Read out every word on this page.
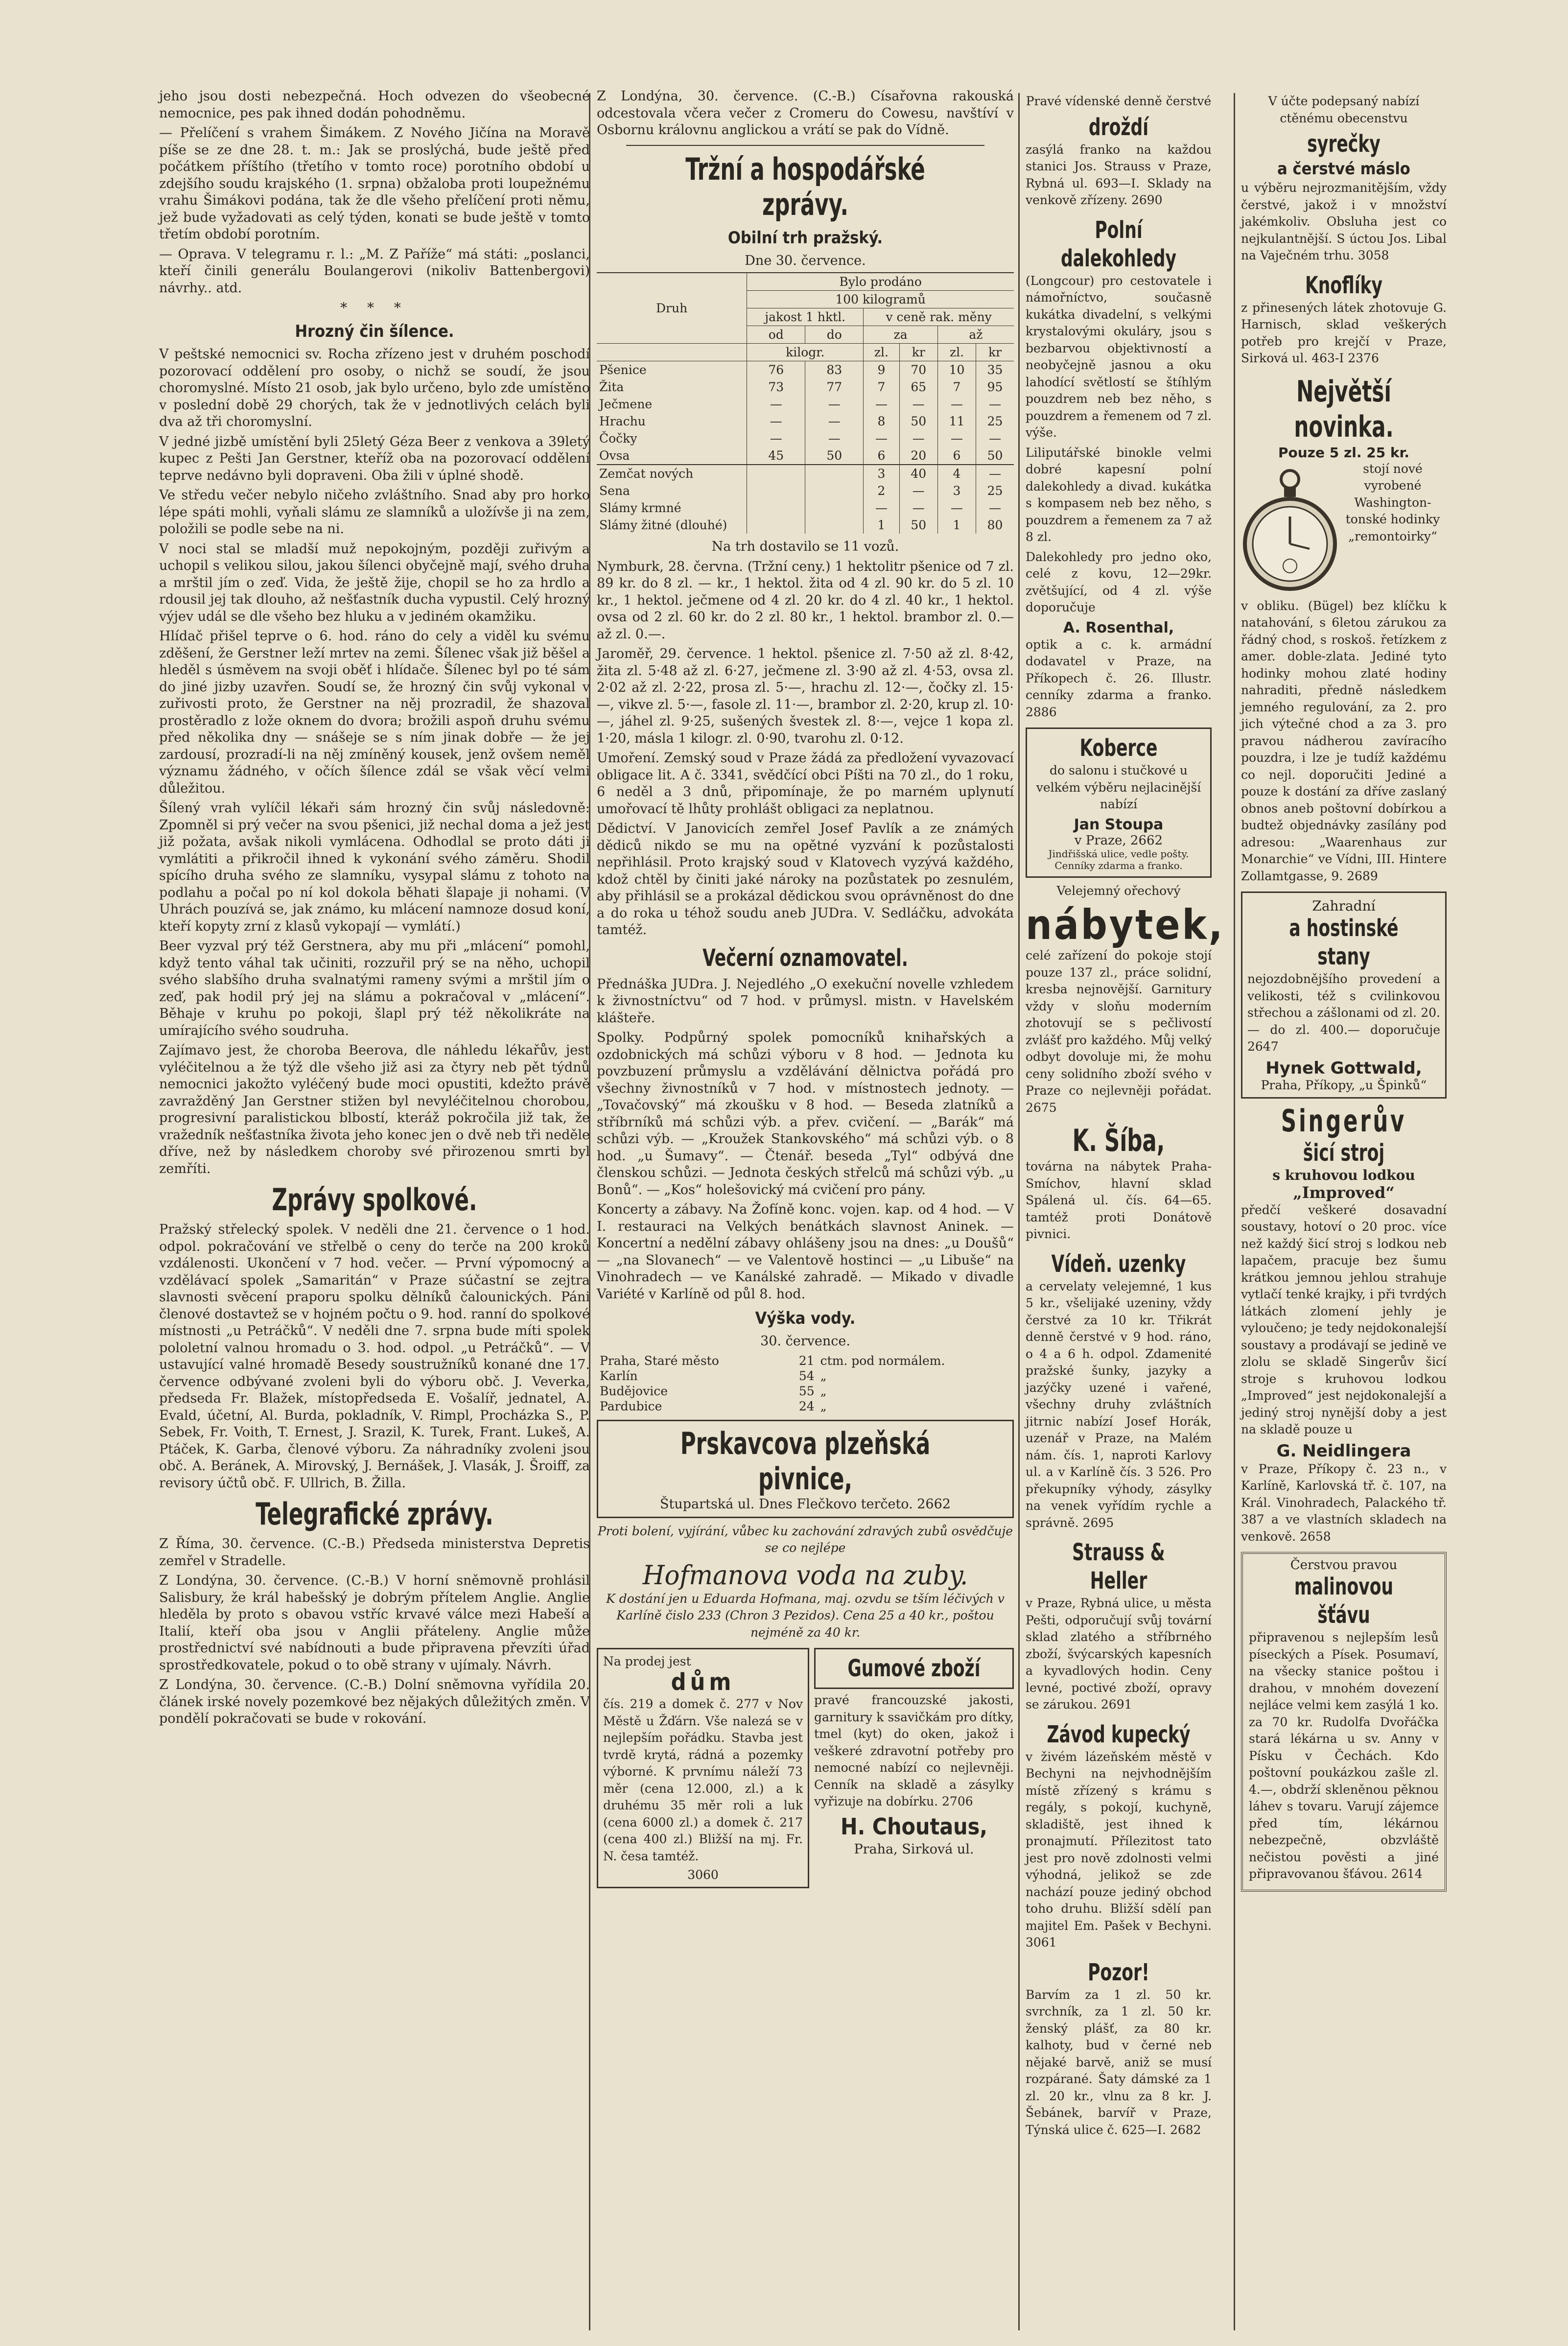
jeho jsou dosti nebezpečná. Hoch odvezen do všeobecné nemocnice, pes pak ihned dodán pohodněmu.

— Přelíčení s vrahem Šimákem. Z Nového Jičína na Moravě píše se ze dne 28. t. m.: Jak se proslýchá, bude ještě před počátkem příštího (třetího v tomto roce) porotního období u zdejšího soudu krajského (1. srpna) obžaloba proti loupežnému vrahu Šimákovi podána, tak že dle všeho přelíčení proti němu, jež bude vyžadovati as celý týden, konati se bude ještě v tomto třetím období porotním.

— Oprava. V telegramu r. l.: „M. Z Paříže“ má státi: „poslanci, kteří činili generálu Boulangerovi (nikoliv Battenbergovi) návrhy.. atd.

* * *
Hrozný čin šílence.

V peštské nemocnici sv. Rocha zřízeno jest v druhém poschodí pozorovací oddělení pro osoby, o nichž se soudí, že jsou choromyslné. Místo 21 osob, jak bylo určeno, bylo zde umístěno v poslední době 29 chorých, tak že v jednotlivých celách byli dva až tři choromyslní.

V jedné jizbě umístění byli 25letý Géza Beer z venkova a 39letý kupec z Pešti Jan Gerstner, kteříž oba na pozorovací oddělení teprve nedávno byli dopraveni. Oba žili v úplné shodě.

Ve středu večer nebylo ničeho zvláštního. Snad aby pro horko lépe spáti mohli, vyňali slámu ze slamníků a uložívše ji na zem, položili se podle sebe na ni.

V noci stal se mladší muž nepokojným, později zuřivým a uchopil s velikou silou, jakou šílenci obyčejně mají, svého druha a mrštil jím o zeď. Vida, že ještě žije, chopil se ho za hrdlo a rdousil jej tak dlouho, až nešťastník ducha vypustil. Celý hrozný výjev udál se dle všeho bez hluku a v jediném okamžiku.

Hlídač přišel teprve o 6. hod. ráno do cely a viděl ku svému zděšení, že Gerstner leží mrtev na zemi. Šílenec však již běšel a hleděl s úsměvem na svoji oběť i hlídače. Šílenec byl po té sám do jiné jizby uzavřen. Soudí se, že hrozný čin svůj vykonal v zuřivosti proto, že Gerstner na něj prozradil, že shazoval prostěradlo z lože oknem do dvora; brožili aspoň druhu svému před několika dny — snášeje se s ním jinak dobře — že jej zardousí, prozradí-li na něj zmíněný kousek, jenž ovšem neměl významu žádného, v očích šílence zdál se však věcí velmi důležitou.

Šílený vrah vylíčil lékaři sám hrozný čin svůj následovně: Zpomněl si prý večer na svou pšenici, již nechal doma a jež jest již požata, avšak nikoli vymlácena. Odhodlal se proto dáti ji vymlátiti a přikročil ihned k vykonání svého záměru. Shodil spícího druha svého ze slamníku, vysypal slámu z tohoto na podlahu a počal po ní kol dokola běhati šlapaje ji nohami. (V Uhrách pouzívá se, jak známo, ku mlácení namnoze dosud koní, kteří kopyty zrní z klasů vykopají — vymlátí.)

Beer vyzval prý též Gerstnera, aby mu při „mlácení“ pomohl, když tento váhal tak učiniti, rozzuřil prý se na něho, uchopil svého slabšího druha svalnatými rameny svými a mrštil jím o zeď, pak hodil prý jej na slámu a pokračoval v „mlácení“. Běhaje v kruhu po pokoji, šlapl prý též několikráte na umírajícího svého soudruha.

Zajímavo jest, že choroba Beerova, dle náhledu lékařův, jest vyléčitelnou a že týž dle všeho již asi za čtyry neb pět týdnů nemocnici jakožto vyléčený bude moci opustiti, kdežto právě zavražděný Jan Gerstner stižen byl nevyléčitelnou chorobou, progresivní paralistickou blbostí, kteráž pokročila již tak, že vražedník nešťastníka života jeho konec jen o dvě neb tři neděle dříve, než by následkem choroby své přirozenou smrti byl zemříti.

Zprávy spolkové.

Pražský střelecký spolek. V neděli dne 21. července o 1 hod. odpol. pokračování ve střelbě o ceny do terče na 200 kroků vzdálenosti. Ukončení v 7 hod. večer. — První výpomocný a vzdělávací spolek „Samaritán“ v Praze súčastní se zejtra slavnosti svěcení praporu spolku dělníků čalounických. Páni členové dostavtež se v hojném počtu o 9. hod. ranní do spolkové místnosti „u Petráčků“. V neděli dne 7. srpna bude míti spolek pololetní valnou hromadu o 3. hod. odpol. „u Petráčků“. — V ustavující valné hromadě Besedy soustružníků konané dne 17. července odbývané zvoleni byli do výboru obč. J. Veverka, předseda Fr. Blažek, místopředseda E. Vošalíř, jednatel, A. Evald, účetní, Al. Burda, pokladník, V. Rimpl, Procházka S., P. Sebek, Fr. Voith, T. Ernest, J. Srazil, K. Turek, Frant. Lukeš, A. Ptáček, K. Garba, členové výboru. Za náhradníky zvoleni jsou obč. A. Beránek, A. Mirovský, J. Bernášek, J. Vlasák, J. Šroiff, za revisory účtů obč. F. Ullrich, B. Žilla.

Telegrafické zprávy.

Z Říma, 30. července. (C.-B.) Předseda ministerstva Depretis zemřel v Stradelle.

Z Londýna, 30. července. (C.-B.) V horní sněmovně prohlásil Salisbury, že král habešský je dobrým přítelem Anglie. Anglie hleděla by proto s obavou vstříc krvavé válce mezi Habeší a Italií, kteří oba jsou v Anglii přáteleny. Anglie může prostřednictví své nabídnouti a bude připravena převzíti úřad sprostředkovatele, pokud o to obě strany v ujímaly. Návrh.

Z Londýna, 30. července. (C.-B.) Dolní sněmovna vyřídila 20. článek irské novely pozemkové bez nějakých důležitých změn. V pondělí pokračovati se bude v rokování.

Z Londýna, 30. července. (C.-B.) Císařovna rakouská odcestovala včera večer z Cromeru do Cowesu, navštíví v Osbornu královnu anglickou a vrátí se pak do Vídně.

Tržní a hospodářské zprávy.
Obilní trh pražský.

Dne 30. července.

Druh	Bylo prodáno					
	100 kilogramů					
	jakost 1 hktl.		v ceně rak. měny			
	od	do	za		až	
	kilogr.		zl.	kr	zl.	kr
Pšenice	76	83	9	70	10	35
Žita	73	77	7	65	7	95
Ječmene	—	—	—	—	—	—
Hrachu	—	—	8	50	11	25
Čočky	—	—	—	—	—	—
Ovsa	45	50	6	20	6	50
Zemčat nových			3	40	4	—
Sena			2	—	3	25
Slámy krmné			—	—	—	—
Slámy žitné (dlouhé)			1	50	1	80

Na trh dostavilo se 11 vozů.

Nymburk, 28. června. (Tržní ceny.) 1 hektolitr pšenice od 7 zl. 89 kr. do 8 zl. — kr., 1 hektol. žita od 4 zl. 90 kr. do 5 zl. 10 kr., 1 hektol. ječmene od 4 zl. 20 kr. do 4 zl. 40 kr., 1 hektol. ovsa od 2 zl. 60 kr. do 2 zl. 80 kr., 1 hektol. brambor zl. 0.— až zl. 0.—.

Jaroměř, 29. července. 1 hektol. pšenice zl. 7·50 až zl. 8·42, žita zl. 5·48 až zl. 6·27, ječmene zl. 3·90 až zl. 4·53, ovsa zl. 2·02 až zl. 2·22, prosa zl. 5·—, hrachu zl. 12·—, čočky zl. 15·—, vikve zl. 5·—, fasole zl. 11·—, brambor zl. 2·20, krup zl. 10·—, jáhel zl. 9·25, sušených švestek zl. 8·—, vejce 1 kopa zl. 1·20, másla 1 kilogr. zl. 0·90, tvarohu zl. 0·12.

Umoření. Zemský soud v Praze žádá za předložení vyvazovací obligace lit. A č. 3341, svědčící obci Píšti na 70 zl., do 1 roku, 6 neděl a 3 dnů, připomínaje, že po marném uplynutí umořovací tě lhůty prohlášt obligaci za neplatnou.

Dědictví. V Janovicích zemřel Josef Pavlík a ze známých dědiců nikdo se mu na opětné vyzvání k pozůstalosti nepřihlásil. Proto krajský soud v Klatovech vyzývá každého, kdož chtěl by činiti jaké nároky na pozůstatek po zesnulém, aby přihlásil se a prokázal dědickou svou oprávněnost do dne a do roka u téhož soudu aneb JUDra. V. Sedláčku, advokáta tamtéž.

Večerní oznamovatel.

Přednáška JUDra. J. Nejedlého „O exekuční novelle vzhledem k živnostníctvu“ od 7 hod. v průmysl. mistn. v Havelském klášteře.

Spolky. Podpůrný spolek pomocníků knihařských a ozdobnických má schůzi výboru v 8 hod. — Jednota ku povzbuzení průmyslu a vzdělávání dělnictva pořádá pro všechny živnostníků v 7 hod. v místnostech jednoty. — „Tovačovský“ má zkoušku v 8 hod. — Beseda zlatníků a stříbrníků má schůzi výb. a přev. cvičení. — „Barák“ má schůzi výb. — „Kroužek Stankovského“ má schůzi výb. o 8 hod. „u Šumavy“. — Čtenář. beseda „Tyl“ odbývá dne členskou schůzi. — Jednota českých střelců má schůzi výb. „u Bonů“. — „Kos“ holešovický má cvičení pro pány.

Koncerty a zábavy. Na Žofíně konc. vojen. kap. od 4 hod. — V I. restauraci na Velkých benátkách slavnost Aninek. — Koncertní a nedělní zábavy ohlášeny jsou na dnes: „u Doušů“ — „na Slovanech“ — ve Valentově hostinci — „u Libuše“ na Vinohradech — ve Kanálské zahradě. — Mikado v divadle Variété v Karlíně od půl 8. hod.

Výška vody.

30. července.

Praha, Staré město	21	ctm. pod normálem.
Karlín	54	„
Budějovice	55	„
Pardubice	24	„
Prskavcova plzeňská pivnice,
Štupartská ul. Dnes Flečkovo terčeto. 2662

Proti bolení, vyjírání, vůbec ku zachování zdravých zubů osvědčuje se co nejlépe

Hofmanova voda na zuby.

K dostání jen u Eduarda Hofmana, maj. ozvdu se tším léčivých v Karlíně čislo 233 (Chron 3 Pezidos). Cena 25 a 40 kr., poštou nejméně za 40 kr.

Na prodej jest
dům

čís. 219 a domek č. 277 v Nov Městě u Žďárn. Vše nalezá se v nejlepším pořádku. Stavba jest tvrdě krytá, rádná a pozemky výborné. K prvnímu náleží 73 měr (cena 12.000, zl.) a k druhému 35 měr roli a luk (cena 6000 zl.) a domek č. 217 (cena 400 zl.) Bližší na mj. Fr. N. česa tamtéž.

3060
Gumové zboží

pravé francouzské jakosti, garnitury k ssavičkám pro dítky, tmel (kyt) do oken, jakož i veškeré zdravotní potřeby pro nemocné nabízí co nejlevněji. Cenník na skladě a zásylky vyřizuje na dobírku. 2706

H. Choutaus,
Praha, Sirková ul.

Pravé vídenské denně čerstvé

droždí

zasýlá franko na každou stanici Jos. Strauss v Praze, Rybná ul. 693—I. Sklady na venkově zřízeny. 2690

Polní dalekohledy

(Longcour) pro cestovatele i námořníctvo, současně kukátka divadelní, s velkými krystalovými okuláry, jsou s bezbarvou objektivností a neobyčejně jasnou a oku lahodící světlostí se štíhlým pouzdrem neb bez něho, s pouzdrem a řemenem od 7 zl. výše.

Liliputářské binokle velmi dobré kapesní polní dalekohledy a divad. kukátka s kompasem neb bez něho, s pouzdrem a řemenem za 7 až 8 zl.

Dalekohledy pro jedno oko, celé z kovu, 12—29kr. zvětšující, od 4 zl. výše doporučuje

A. Rosenthal,

optik a c. k. armádní dodavatel v Praze, na Příkopech č. 26. Illustr. cenníky zdarma a franko. 2886

Koberce

do salonu i stučkové u velkém výběru nejlacinější nabízí

Jan Stoupa
v Praze, 2662
Jindřišská ulice, vedle pošty. Cenníky zdarma a franko.

Velejemný ořechový

nábytek,

celé zařízení do pokoje stojí pouze 137 zl., práce solidní, kresba nejnovější. Garnitury vždy v sloňu moderním zhotovují se s pečlivostí zvlášť pro každého. Můj velký odbyt dovoluje mi, že mohu ceny solidního zboží svého v Praze co nejlevněji pořádat. 2675

K. Šíba,

továrna na nábytek Praha-Smíchov, hlavní sklad Spálená ul. čís. 64—65. tamtéž proti Donátově pivnici.

Vídeň. uzenky

a cervelaty velejemné, 1 kus 5 kr., všelijaké uzeniny, vždy čerstvé za 10 kr. Třikrát denně čerstvé v 9 hod. ráno, o 4 a 6 h. odpol. Zdamenité pražské šunky, jazyky a jazýčky uzené i vařené, všechny druhy zvláštních jitrnic nabízí Josef Horák, uzenář v Praze, na Malém nám. čís. 1, naproti Karlovy ul. a v Karlíně čís. 3 526. Pro překupníky výhody, zásylky na venek vyřídím rychle a správně. 2695

Strauss & Heller

v Praze, Rybná ulice, u města Pešti, odporučují svůj tovární sklad zlatého a stříbrného zboží, švýcarských kapesních a kyvadlových hodin. Ceny levné, poctivé zboží, opravy se zárukou. 2691

Závod kupecký

v živém lázeňském městě v Bechyni na nejvhodnějším místě zřízený s krámu s regály, s pokojí, kuchyně, skladiště, jest ihned k pronajmutí. Přílezitost tato jest pro nově zdolnosti velmi výhodná, jelikož se zde nachází pouze jediný obchod toho druhu. Bližší sdělí pan majitel Em. Pašek v Bechyni. 3061

Pozor!

Barvím za 1 zl. 50 kr. svrchník, za 1 zl. 50 kr. ženský plášť, za 80 kr. kalhoty, bud v černé neb nějaké barvě, aniž se musí rozpárané. Šaty dámské za 1 zl. 20 kr., vlnu za 8 kr. J. Šebánek, barvíř v Praze, Týnská ulice č. 625—I. 2682

V účte podepsaný nabízí ctěnému obecenstvu

syrečky
a čerstvé máslo

u výběru nejrozmanitějším, vždy čerstvé, jakož i v množství jakémkoliv. Obsluha jest co nejkulantnější. S úctou Jos. Libal na Vaječném trhu. 3058

Knoflíky

z přinesených látek zhotovuje G. Harnisch, sklad veškerých potřeb pro krejčí v Praze, Sirková ul. 463-I 2376

Největší novinka.
Pouze 5 zl. 25 kr.

stojí nové vyrobené Washington-tonské hodinky „remontoirky“

v obliku. (Bügel) bez klíčku k natahování, s 6letou zárukou za řádný chod, s roskoš. řetízkem z amer. doble-zlata. Jediné tyto hodinky mohou zlaté hodiny nahraditi, předně následkem jemného regulování, za 2. pro jich výtečné chod a za 3. pro pravou nádherou zavíracího pouzdra, i lze je tudíž každému co nejl. doporučiti Jediné a pouze k dostání za dříve zaslaný obnos aneb poštovní dobírkou a budtež objednávky zasílány pod adresou: „Waarenhaus zur Monarchie“ ve Vídni, III. Hintere Zollamtgasse, 9. 2689

Zahradní
a hostinské stany

nejozdobnějšího provedení a velikosti, též s cvilinkovou střechou a zášlonami od zl. 20.— do zl. 400.— doporučuje 2647

Hynek Gottwald,
Praha, Příkopy, „u Špinků“
Singerův
šicí stroj
s kruhovou lodkou
„Improved“

předčí veškeré dosavadní soustavy, hotoví o 20 proc. více než každý šicí stroj s lodkou neb lapačem, pracuje bez šumu krátkou jemnou jehlou strahuje vytlačí tenké krajky, i při tvrdých látkách zlomení jehly je vyloučeno; je tedy nejdokonalejší soustavy a prodávají se jedině ve zlolu se skladě Singerův šicí stroje s kruhovou lodkou „Improved“ jest nejdokonalejší a jediný stroj nynější doby a jest na skladě pouze u

G. Neidlingera

v Praze, Příkopy č. 23 n., v Karlíně, Karlovská tř. č. 107, na Král. Vinohradech, Palackého tř. 387 a ve vlastních skladech na venkově. 2658

Čerstvou pravou
malinovou šťávu

připravenou s nejlepším lesů píseckých a Písek. Posumaví, na všecky stanice poštou i drahou, v mnohém dovezení nejláce velmi kem zasýlá 1 ko. za 70 kr. Rudolfa Dvořáčka stará lékárna u sv. Anny v Písku v Čechách. Kdo poštovní poukázkou zašle zl. 4.—, obdrží skleněnou pěknou láhev s tovaru. Varují zájemce před tím, lékárnou nebezpečně, obzvláště nečistou pověsti a jiné připravovanou šťávou. 2614
